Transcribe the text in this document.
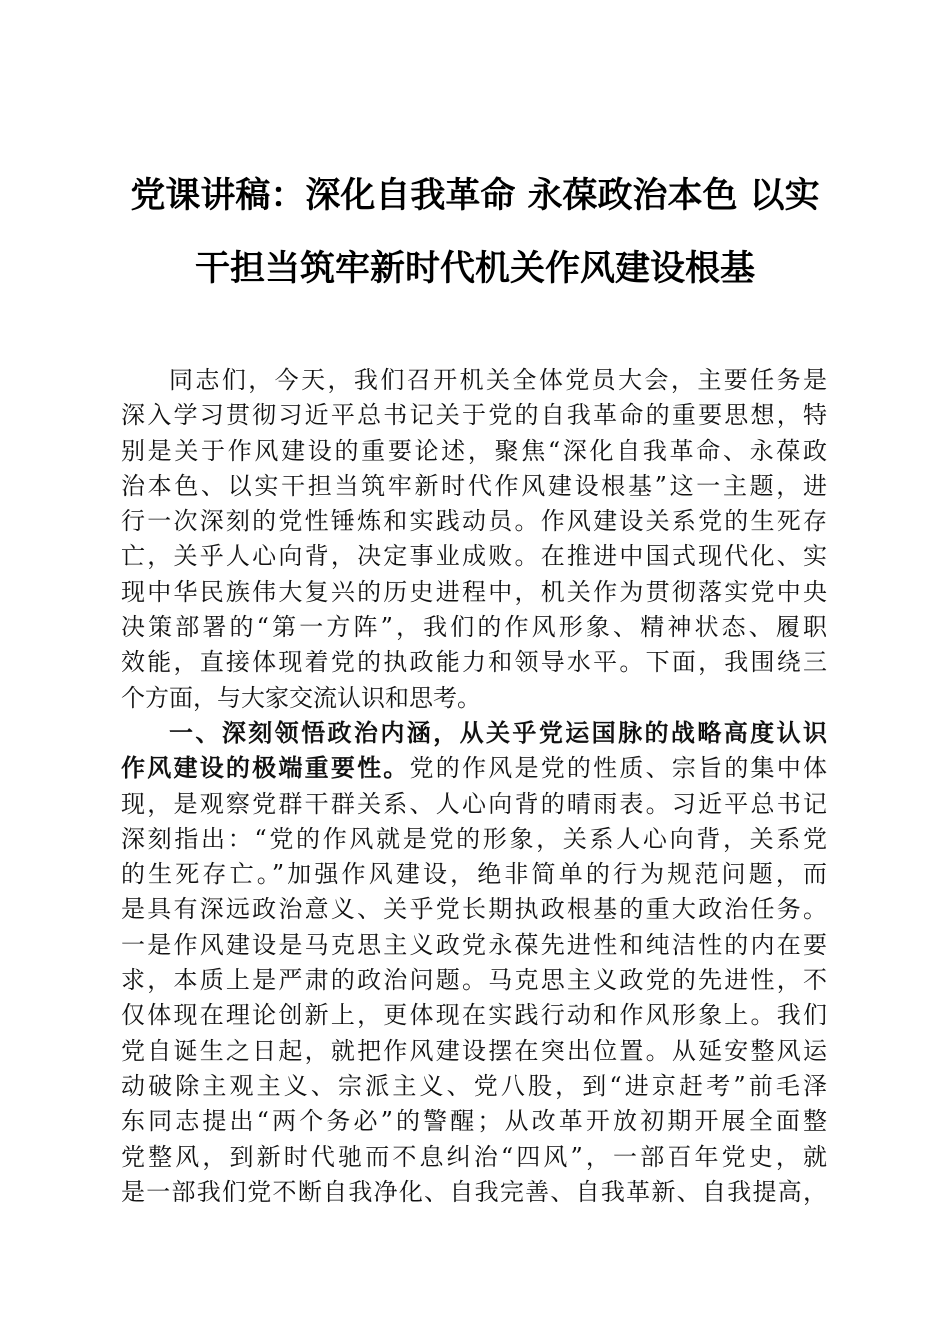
党课讲稿：深化自我革命 永葆政治本色 以实
干担当筑牢新时代机关作风建设根基
同志们，今天，我们召开机关全体党员大会，主要任务是
深入学习贯彻习近平总书记关于党的自我革命的重要思想，特
别是关于作风建设的重要论述，聚焦“深化自我革命、永葆政
治本色、以实干担当筑牢新时代作风建设根基”这一主题，进
行一次深刻的党性锤炼和实践动员。作风建设关系党的生死存
亡，关乎人心向背，决定事业成败。在推进中国式现代化、实
现中华民族伟大复兴的历史进程中，机关作为贯彻落实党中央
决策部署的“第一方阵”，我们的作风形象、精神状态、履职
效能，直接体现着党的执政能力和领导水平。下面，我围绕三
个方面，与大家交流认识和思考。
一、深刻领悟政治内涵，从关乎党运国脉的战略高度认识
作风建设的极端重要性。党的作风是党的性质、宗旨的集中体
现，是观察党群干群关系、人心向背的晴雨表。习近平总书记
深刻指出：“党的作风就是党的形象，关系人心向背，关系党
的生死存亡。”加强作风建设，绝非简单的行为规范问题，而
是具有深远政治意义、关乎党长期执政根基的重大政治任务。
一是作风建设是马克思主义政党永葆先进性和纯洁性的内在要
求，本质上是严肃的政治问题。马克思主义政党的先进性，不
仅体现在理论创新上，更体现在实践行动和作风形象上。我们
党自诞生之日起，就把作风建设摆在突出位置。从延安整风运
动破除主观主义、宗派主义、党八股，到“进京赶考”前毛泽
东同志提出“两个务必”的警醒；从改革开放初期开展全面整
党整风，到新时代驰而不息纠治“四风”，一部百年党史，就
是一部我们党不断自我净化、自我完善、自我革新、自我提高，
